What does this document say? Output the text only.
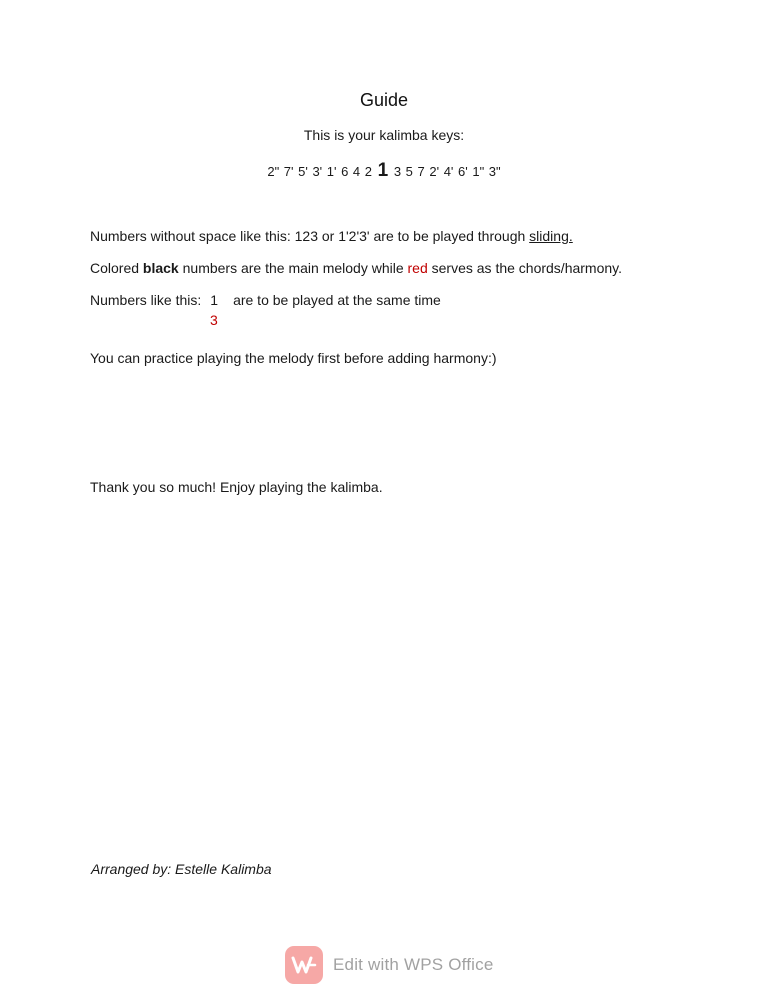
Guide
This is your kalimba keys:
2" 7' 5' 3' 1' 6 4 2 1 3 5 7 2' 4' 6' 1" 3"
Numbers without space like this: 123 or 1'2'3' are to be played through sliding.
Colored black numbers are the main melody while red serves as the chords/harmony.
Numbers like this: 1 are to be played at the same time
3
You can practice playing the melody first before adding harmony:)
Thank you so much! Enjoy playing the kalimba.
Arranged by: Estelle Kalimba
Edit with WPS Office
